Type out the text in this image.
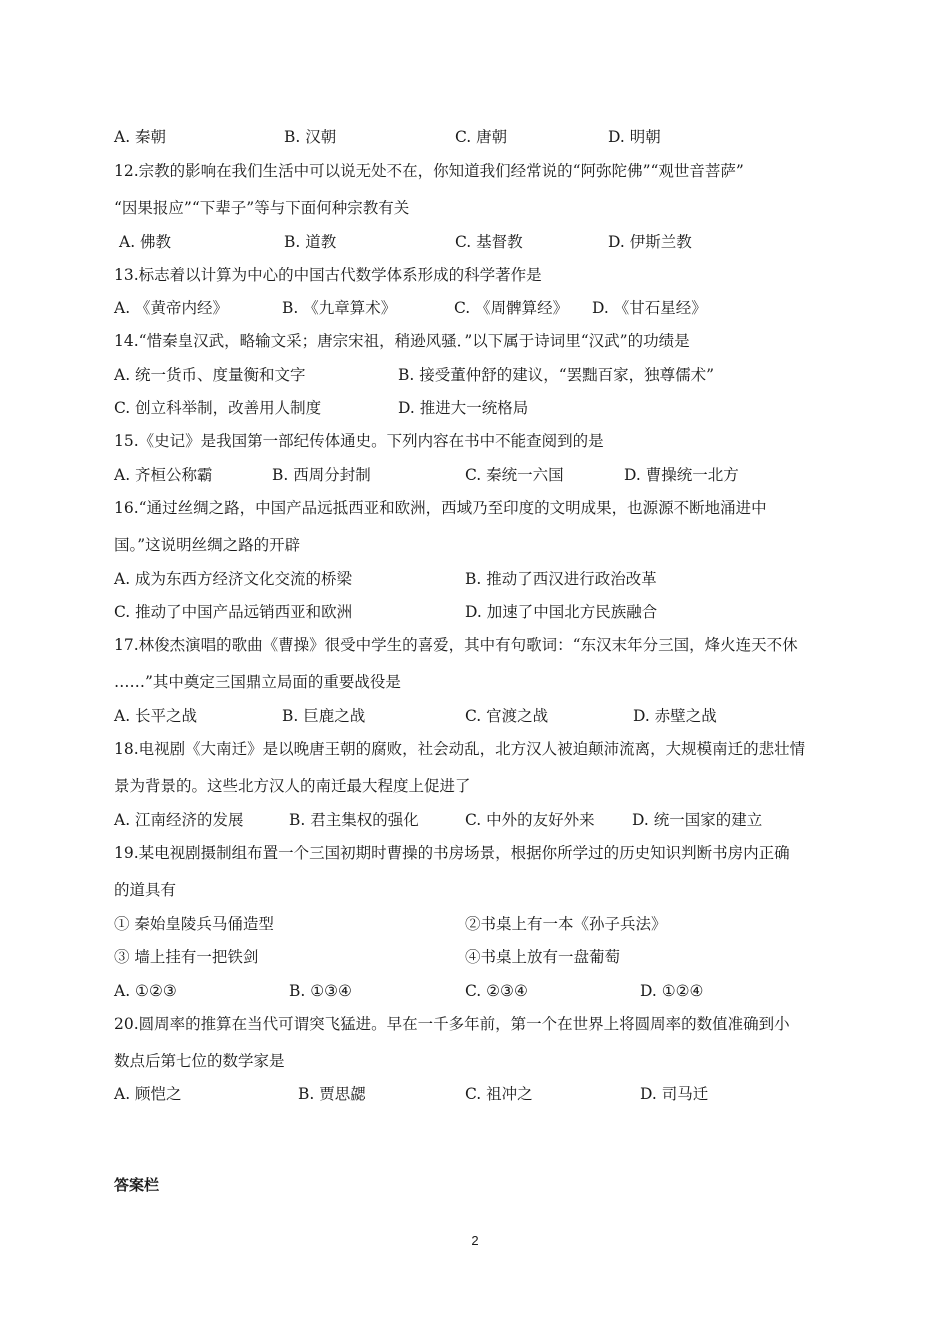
A. 秦朝	B. 汉朝	C. 唐朝	D. 明朝
12.宗教的影响在我们生活中可以说无处不在，你知道我们经常说的“阿弥陀佛”“观世音菩萨”
“因果报应”“下辈子”等与下面何种宗教有关
A. 佛教	B. 道教	C. 基督教	D. 伊斯兰教
13.标志着以计算为中心的中国古代数学体系形成的科学著作是
A. 《黄帝内经》	B. 《九章算术》	C. 《周髀算经》 D. 《甘石星经》
14.“惜秦皇汉武，略输文采；唐宗宋祖，稍逊风骚．”以下属于诗词里“汉武”的功绩是
A. 统一货币、度量衡和文字	B. 接受董仲舒的建议，“罢黜百家，独尊儒术”
C. 创立科举制，改善用人制度	D. 推进大一统格局
15.《史记》是我国第一部纪传体通史。下列内容在书中不能查阅到的是
A. 齐桓公称霸	B. 西周分封制	C. 秦统一六国	D. 曹操统一北方
16.“通过丝绸之路，中国产品远抵西亚和欧洲，西域乃至印度的文明成果，也源源不断地涌进中
国。”这说明丝绸之路的开辟
A. 成为东西方经济文化交流的桥梁	B. 推动了西汉进行政治改革
C. 推动了中国产品远销西亚和欧洲	D. 加速了中国北方民族融合
17.林俊杰演唱的歌曲《曹操》很受中学生的喜爱，其中有句歌词：“东汉末年分三国，烽火连天不休
……”其中奠定三国鼎立局面的重要战役是
A. 长平之战	B. 巨鹿之战	C. 官渡之战	D. 赤壁之战
18.电视剧《大南迁》是以晚唐王朝的腐败，社会动乱，北方汉人被迫颠沛流离，大规模南迁的悲壮情
景为背景的。这些北方汉人的南迁最大程度上促进了
A. 江南经济的发展	B. 君主集权的强化	C. 中外的友好外来 D. 统一国家的建立
19.某电视剧摄制组布置一个三国初期时曹操的书房场景，根据你所学过的历史知识判断书房内正确
的道具有
① 秦始皇陵兵马俑造型	②书桌上有一本《孙子兵法》
③ 墙上挂有一把铁剑	④书桌上放有一盘葡萄
A. ①②③	B. ①③④	C. ②③④	D. ①②④
20.圆周率的推算在当代可谓突飞猛进。早在一千多年前，第一个在世界上将圆周率的数值准确到小
数点后第七位的数学家是
A. 顾恺之	B. 贾思勰	C. 祖冲之	D. 司马迁
答案栏
2
